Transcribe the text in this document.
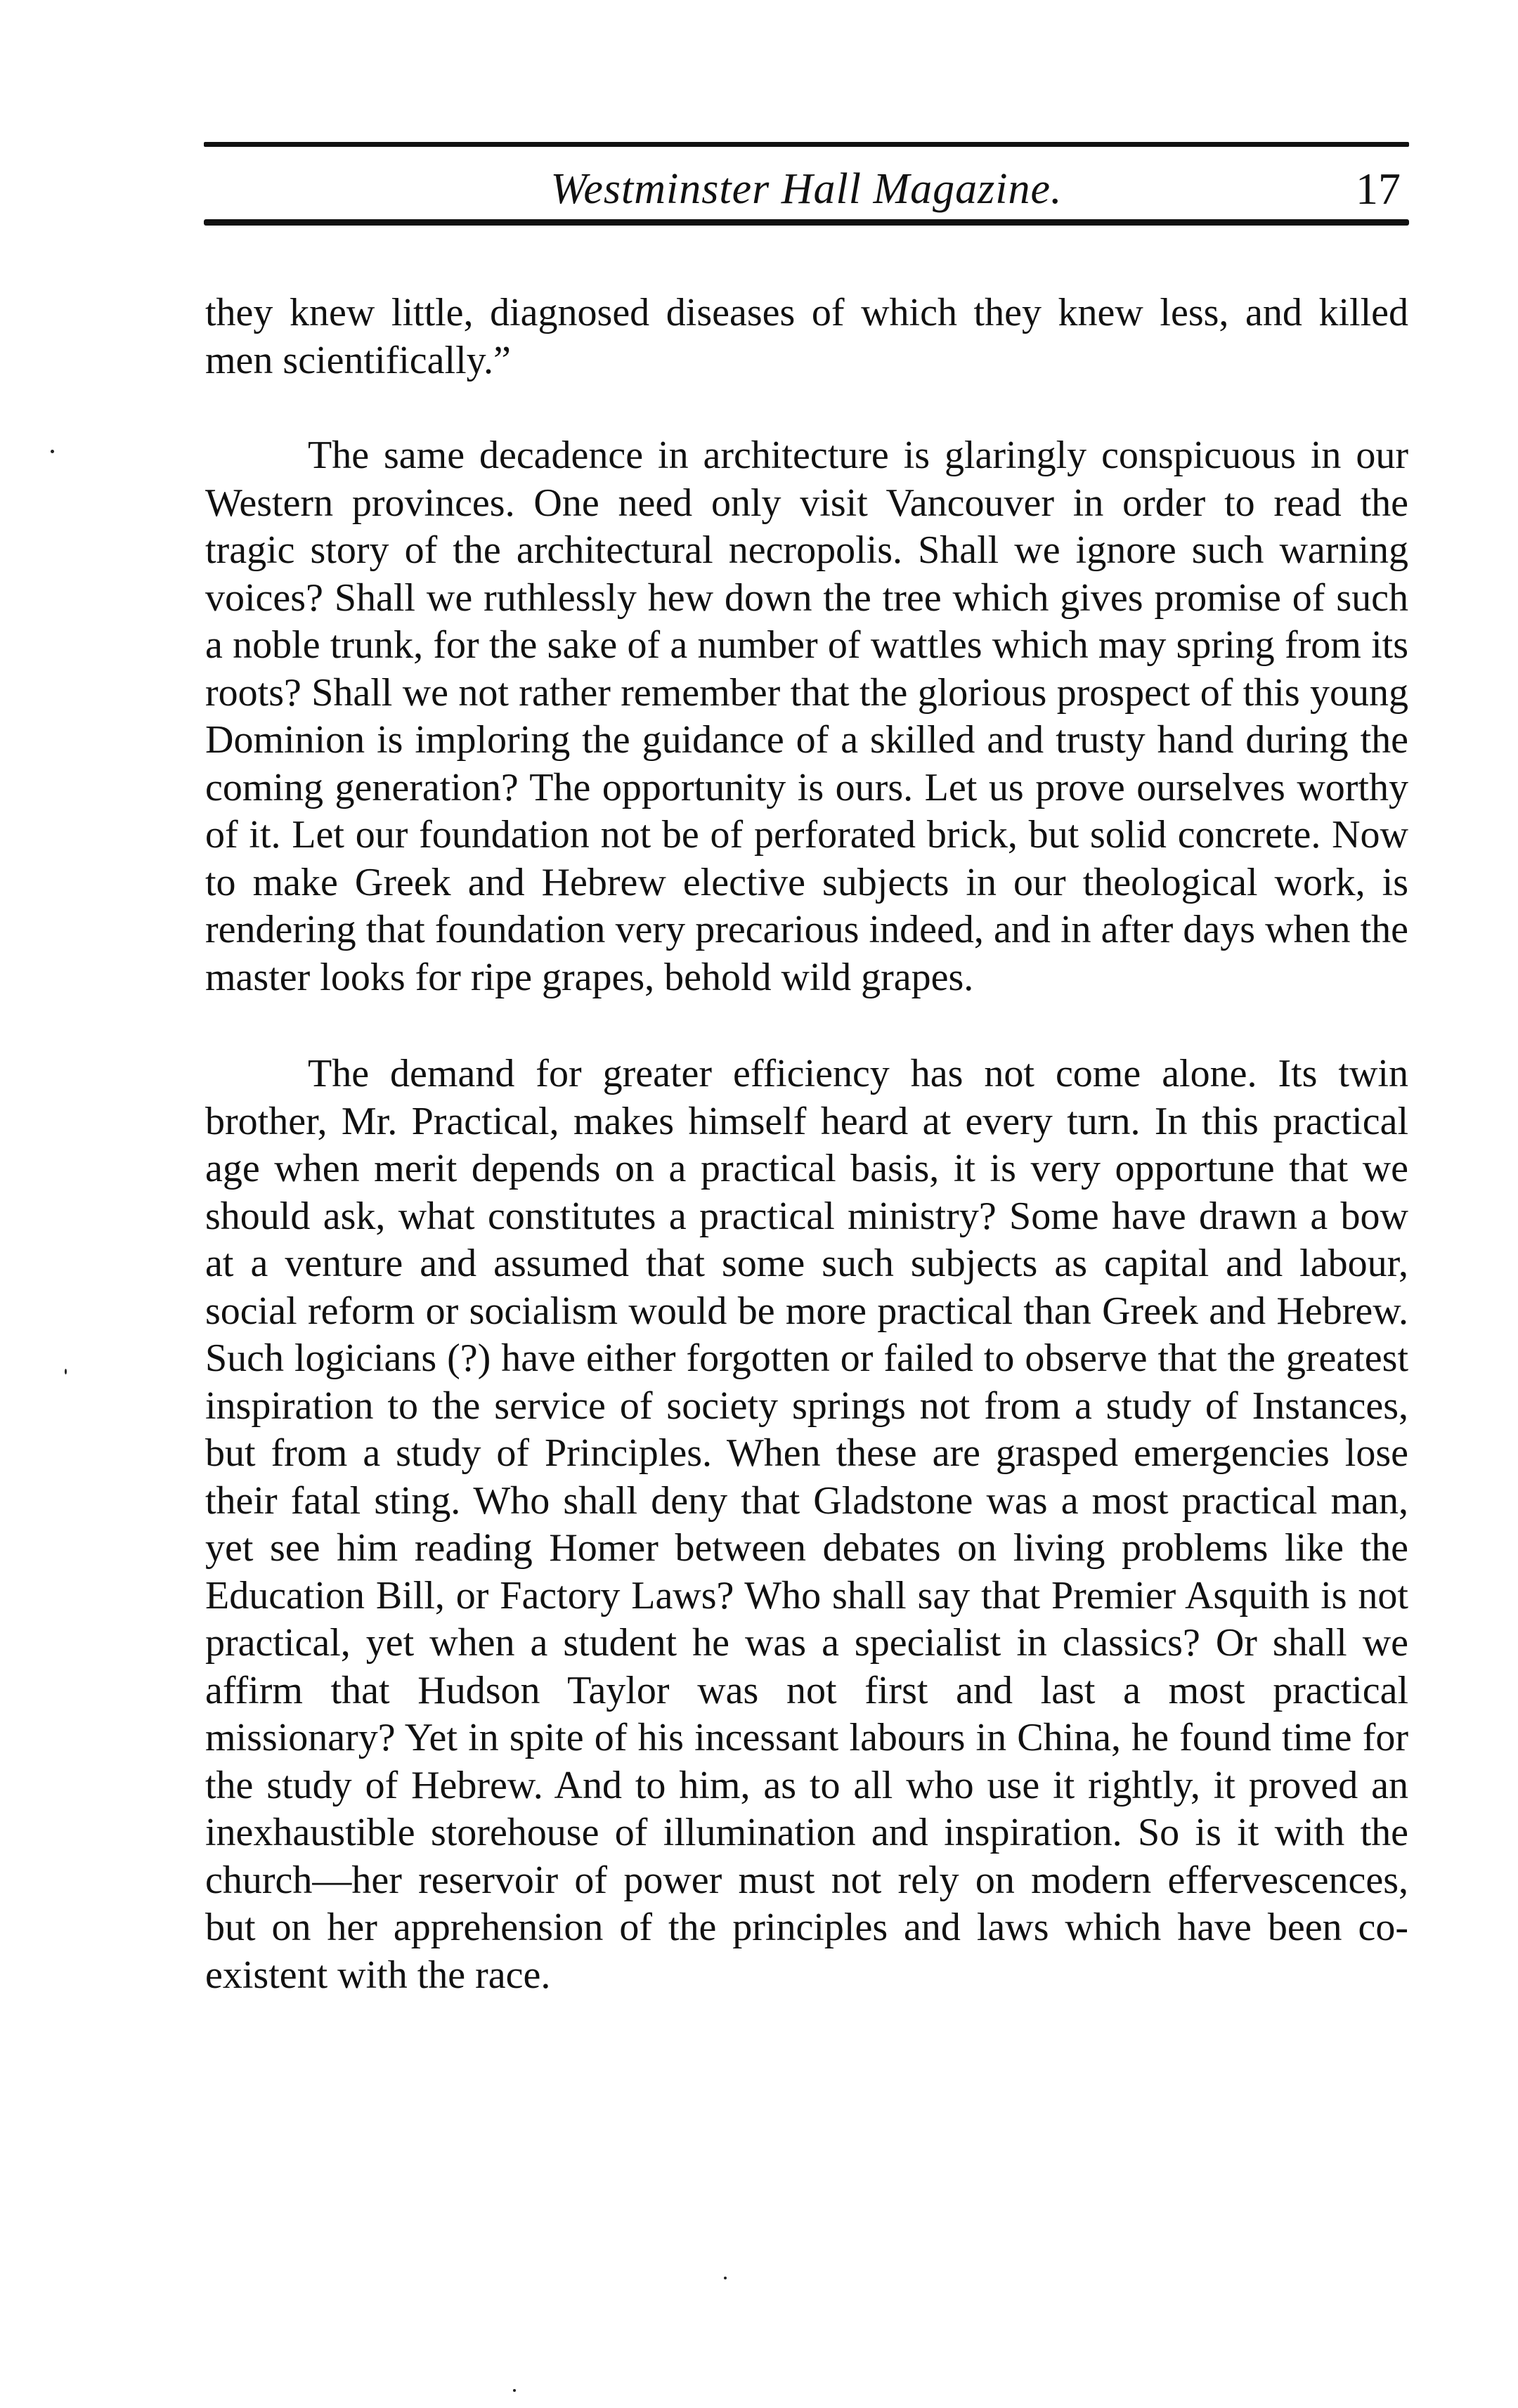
Westminster Hall Magazine.	17

they knew little, diagnosed diseases of which they knew less, and killed men scientifically.”

The same decadence in architecture is glaringly conspicuous in our Western provinces. One need only visit Vancouver in order to read the tragic story of the architectural necropolis. Shall we ignore such warning voices? Shall we ruthlessly hew down the tree which gives promise of such a noble trunk, for the sake of a number of wattles which may spring from its roots? Shall we not rather remember that the glorious prospect of this young Dominion is imploring the guidance of a skilled and trusty hand during the coming generation? The opportunity is ours. Let us prove ourselves worthy of it. Let our foundation not be of perforated brick, but solid concrete. Now to make Greek and Hebrew elective subjects in our theological work, is rendering that foundation very precarious indeed, and in after days when the master looks for ripe grapes, behold wild grapes.

The demand for greater efficiency has not come alone. Its twin brother, Mr. Practical, makes himself heard at every turn. In this practical age when merit depends on a practical basis, it is very opportune that we should ask, what constitutes a practical ministry? Some have drawn a bow at a venture and assumed that some such subjects as capital and labour, social reform or socialism would be more practical than Greek and Hebrew. Such logicians (?) have either forgotten or failed to observe that the greatest inspiration to the service of society springs not from a study of Instances, but from a study of Principles. When these are grasped emergencies lose their fatal sting. Who shall deny that Gladstone was a most practical man, yet see him reading Homer between debates on living problems like the Education Bill, or Factory Laws? Who shall say that Premier Asquith is not practical, yet when a student he was a specialist in classics? Or shall we affirm that Hudson Taylor was not first and last a most practical missionary? Yet in spite of his incessant labours in China, he found time for the study of Hebrew. And to him, as to all who use it rightly, it proved an inexhaustible storehouse of illumination and inspiration. So is it with the church—her reservoir of power must not rely on modern effervescences, but on her apprehension of the principles and laws which have been co-existent with the race.
